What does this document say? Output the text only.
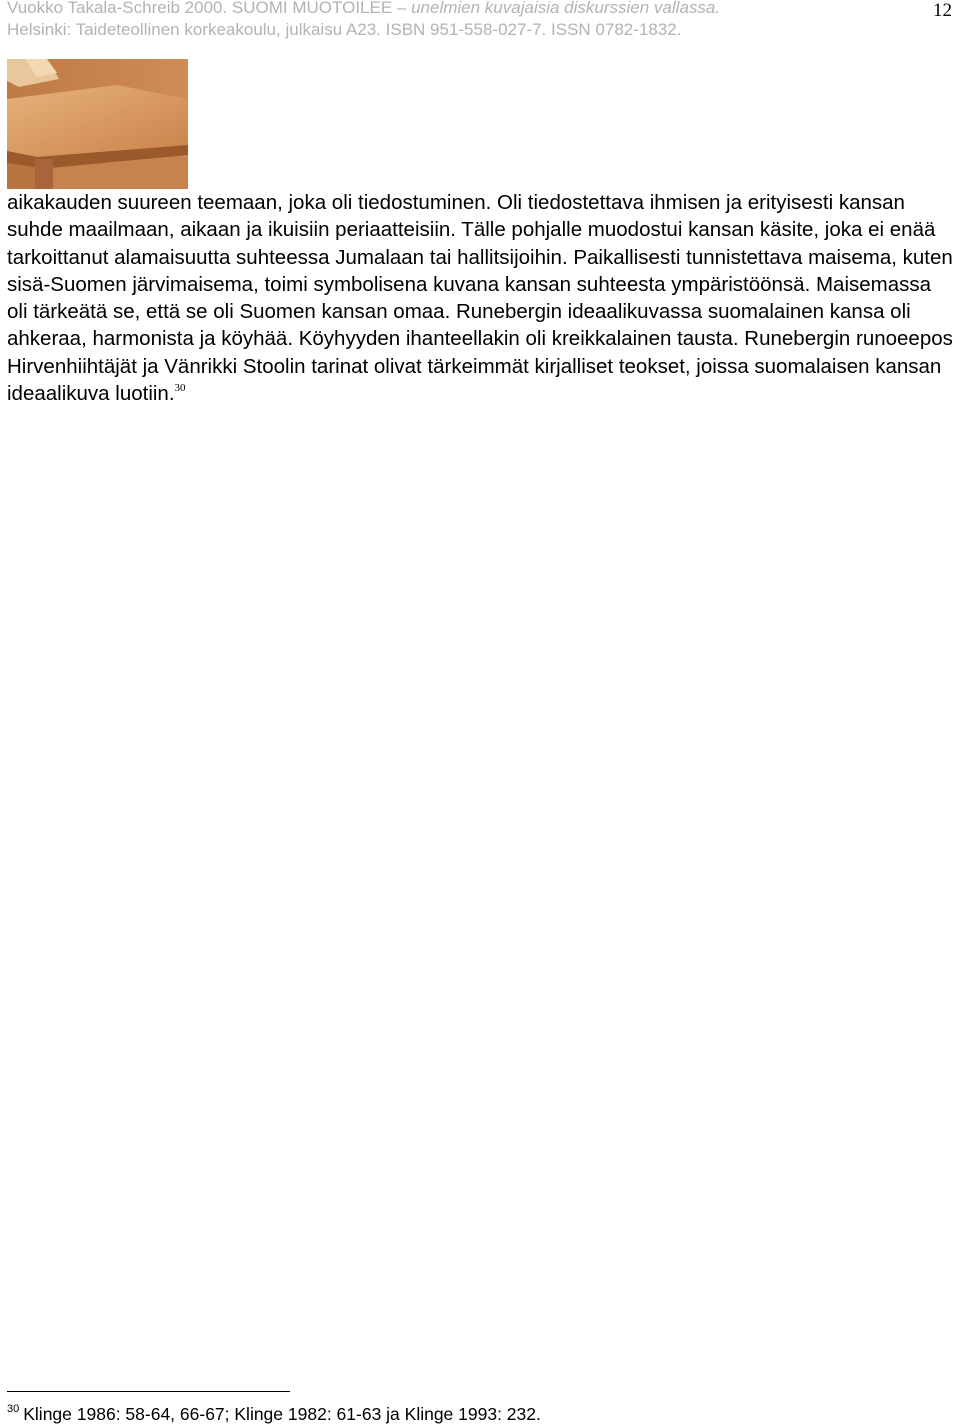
Vuokko Takala-Schreib 2000. SUOMI MUOTOILEE – unelmien kuvajaisia diskurssien vallassa.
Helsinki: Taideteollinen korkeakoulu, julkaisu A23. ISBN 951-558-027-7. ISSN 0782-1832.
12

aikakauden suureen teemaan, joka oli tiedostuminen. Oli tiedostettava ihmisen ja erityisesti kansan suhde maailmaan, aikaan ja ikuisiin periaatteisiin. Tälle pohjalle muodostui kansan käsite, joka ei enää tarkoittanut alamaisuutta suhteessa Jumalaan tai hallitsijoihin. Paikallisesti tunnistettava maisema, kuten sisä-Suomen järvimaisema, toimi symbolisena kuvana kansan suhteesta ympäristöönsä. Maisemassa oli tärkeätä se, että se oli Suomen kansan omaa. Runebergin ideaalikuvassa suomalainen kansa oli ahkeraa, harmonista ja köyhää. Köyhyyden ihanteellakin oli kreikkalainen tausta. Runebergin runoeepos Hirvenhiihtäjät ja Vänrikki Stoolin tarinat olivat tärkeimmät kirjalliset teokset, joissa suomalaisen kansan ideaalikuva luotiin.$^{30}$

$^{30}$ Klinge 1986: 58-64, 66-67; Klinge 1982: 61-63 ja Klinge 1993: 232.
